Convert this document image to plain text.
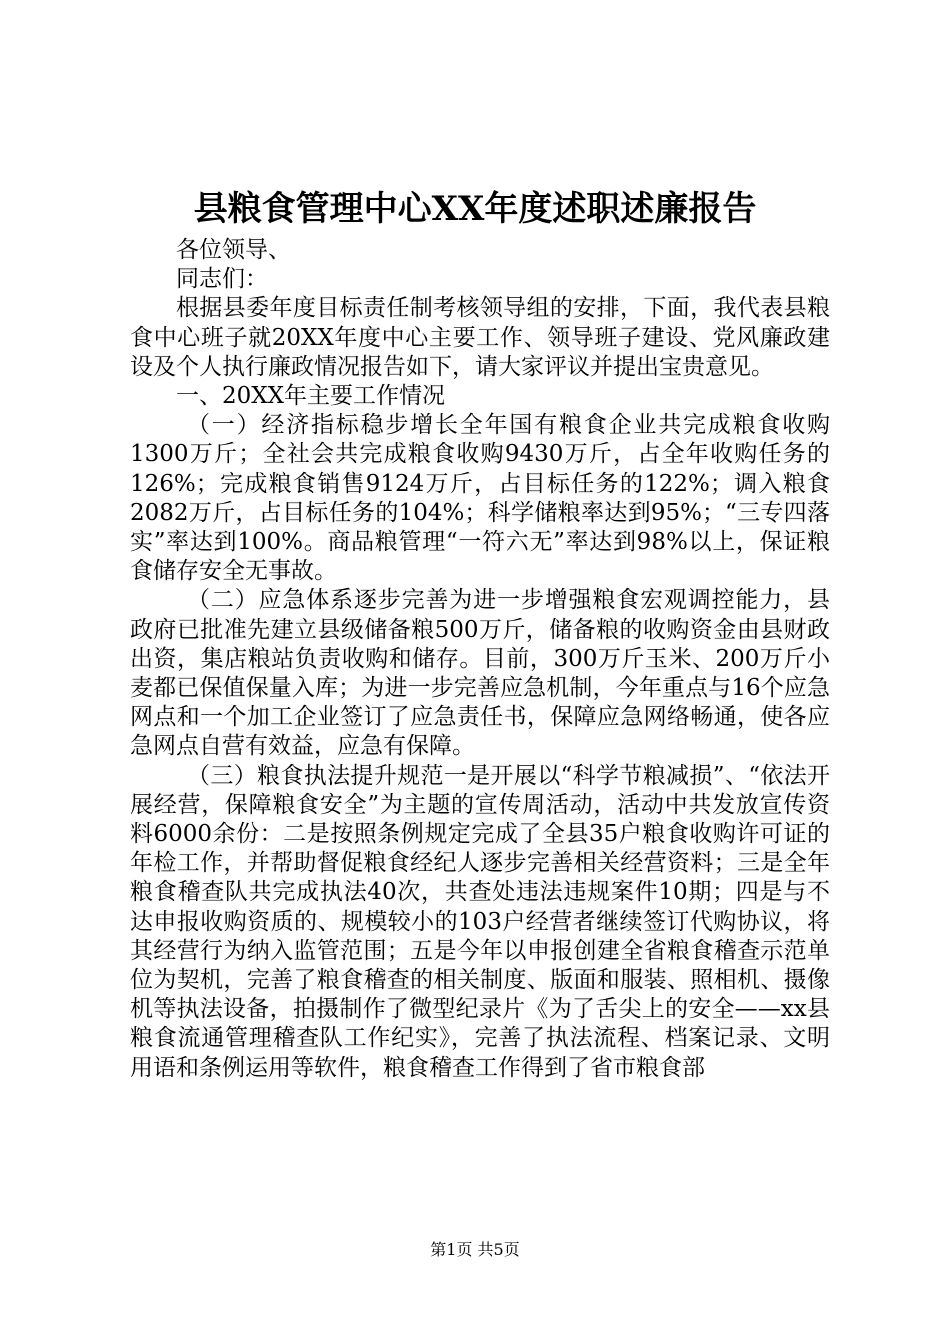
县粮食管理中心XX年度述职述廉报告

各位领导、

同志们：

根据县委年度目标责任制考核领导组的安排，下面，我代表县粮食中心班子就20XX年度中心主要工作、领导班子建设、党风廉政建设及个人执行廉政情况报告如下，请大家评议并提出宝贵意见。

一、20XX年主要工作情况

（一）经济指标稳步增长全年国有粮食企业共完成粮食收购1300万斤；全社会共完成粮食收购9430万斤，占全年收购任务的126%；完成粮食销售9124万斤，占目标任务的122%；调入粮食2082万斤，占目标任务的104%；科学储粮率达到95%；“三专四落实”率达到100%。商品粮管理“一符六无”率达到98%以上，保证粮食储存安全无事故。

（二）应急体系逐步完善为进一步增强粮食宏观调控能力，县政府已批准先建立县级储备粮500万斤，储备粮的收购资金由县财政出资，集店粮站负责收购和储存。目前，300万斤玉米、200万斤小麦都已保值保量入库；为进一步完善应急机制，今年重点与16个应急网点和一个加工企业签订了应急责任书，保障应急网络畅通，使各应急网点自营有效益，应急有保障。

（三）粮食执法提升规范一是开展以“科学节粮减损”、“依法开展经营，保障粮食安全”为主题的宣传周活动，活动中共发放宣传资料6000余份：二是按照条例规定完成了全县35户粮食收购许可证的年检工作，并帮助督促粮食经纪人逐步完善相关经营资料；三是全年粮食稽查队共完成执法40次，共查处违法违规案件10期；四是与不达申报收购资质的、规模较小的103户经营者继续签订代购协议，将其经营行为纳入监管范围；五是今年以申报创建全省粮食稽查示范单位为契机，完善了粮食稽查的相关制度、版面和服装、照相机、摄像机等执法设备，拍摄制作了微型纪录片《为了舌尖上的安全——xx县粮食流通管理稽查队工作纪实》，完善了执法流程、档案记录、文明用语和条例运用等软件，粮食稽查工作得到了省市粮食部

第1页 共5页
